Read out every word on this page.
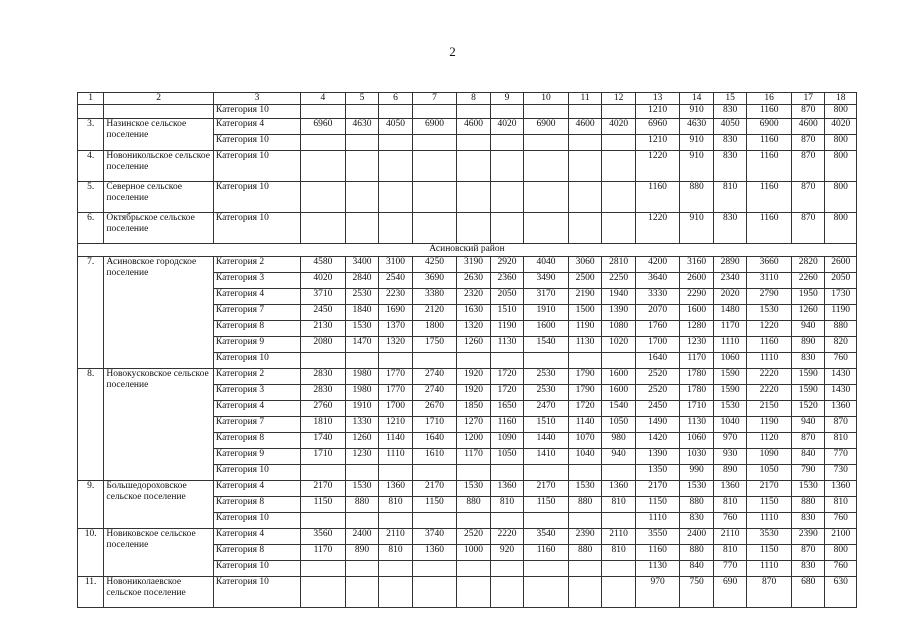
2
1	2	3	4	5	6	7	8	9	10	11	12	13	14	15	16	17	18
		Категория 10										1210	910	830	1160	870	800
3.	Назинское сельское поселение	Категория 4	6960	4630	4050	6900	4600	4020	6900	4600	4020	6960	4630	4050	6900	4600	4020
		Категория 10										1210	910	830	1160	870	800
4.	Новоникольское сельское поселение	Категория 10										1220	910	830	1160	870	800
5.	Северное сельское поселение	Категория 10										1160	880	810	1160	870	800
6.	Октябрьское сельское поселение	Категория 10										1220	910	830	1160	870	800
Асиновский район																	
7.	Асиновское городское поселение	Категория 2	4580	3400	3100	4250	3190	2920	4040	3060	2810	4200	3160	2890	3660	2820	2600
		Категория 3	4020	2840	2540	3690	2630	2360	3490	2500	2250	3640	2600	2340	3110	2260	2050
		Категория 4	3710	2530	2230	3380	2320	2050	3170	2190	1940	3330	2290	2020	2790	1950	1730
		Категория 7	2450	1840	1690	2120	1630	1510	1910	1500	1390	2070	1600	1480	1530	1260	1190
		Категория 8	2130	1530	1370	1800	1320	1190	1600	1190	1080	1760	1280	1170	1220	940	880
		Категория 9	2080	1470	1320	1750	1260	1130	1540	1130	1020	1700	1230	1110	1160	890	820
		Категория 10										1640	1170	1060	1110	830	760
8.	Новокусковское сельское поселение	Категория 2	2830	1980	1770	2740	1920	1720	2530	1790	1600	2520	1780	1590	2220	1590	1430
		Категория 3	2830	1980	1770	2740	1920	1720	2530	1790	1600	2520	1780	1590	2220	1590	1430
		Категория 4	2760	1910	1700	2670	1850	1650	2470	1720	1540	2450	1710	1530	2150	1520	1360
		Категория 7	1810	1330	1210	1710	1270	1160	1510	1140	1050	1490	1130	1040	1190	940	870
		Категория 8	1740	1260	1140	1640	1200	1090	1440	1070	980	1420	1060	970	1120	870	810
		Категория 9	1710	1230	1110	1610	1170	1050	1410	1040	940	1390	1030	930	1090	840	770
		Категория 10										1350	990	890	1050	790	730
9.	Большедороховское сельское поселение	Категория 4	2170	1530	1360	2170	1530	1360	2170	1530	1360	2170	1530	1360	2170	1530	1360
		Категория 8	1150	880	810	1150	880	810	1150	880	810	1150	880	810	1150	880	810
		Категория 10										1110	830	760	1110	830	760
10.	Новиковское сельское поселение	Категория 4	3560	2400	2110	3740	2520	2220	3540	2390	2110	3550	2400	2110	3530	2390	2100
		Категория 8	1170	890	810	1360	1000	920	1160	880	810	1160	880	810	1150	870	800
		Категория 10										1130	840	770	1110	830	760
11.	Новониколаевское сельское поселение	Категория 10										970	750	690	870	680	630
